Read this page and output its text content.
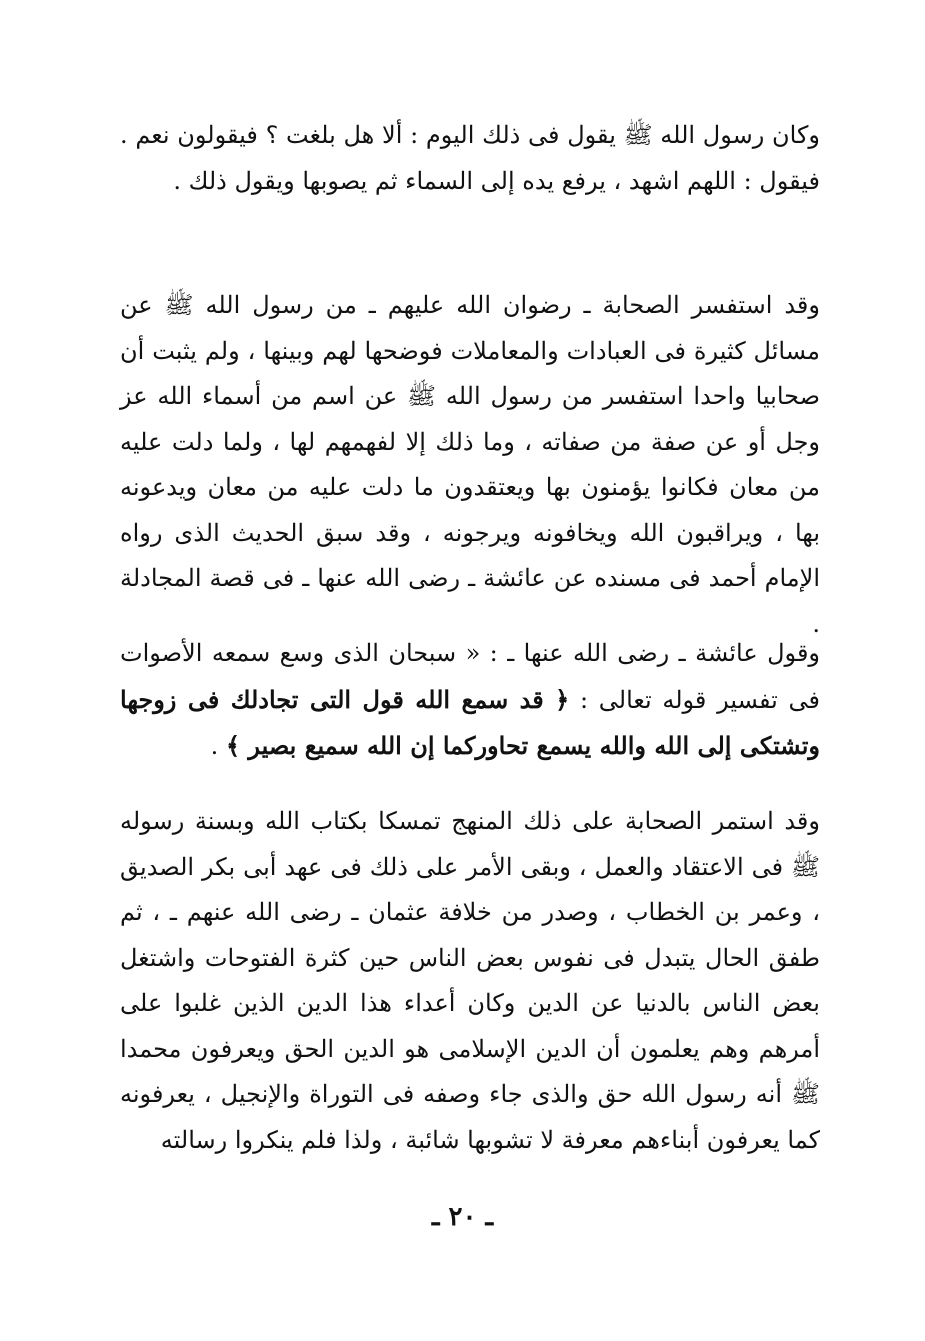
وكان رسول الله ﷺ يقول فى ذلك اليوم : ألا هل بلغت ؟ فيقولون نعم . فيقول : اللهم اشهد ، يرفع يده إلى السماء ثم يصوبها ويقول ذلك .

وقد استفسر الصحابة ـ رضوان الله عليهم ـ من رسول الله ﷺ عن مسائل كثيرة فى العبادات والمعاملات فوضحها لهم وبينها ، ولم يثبت أن صحابيا واحدا استفسر من رسول الله ﷺ عن اسم من أسماء الله عز وجل أو عن صفة من صفاته ، وما ذلك إلا لفهمهم لها ، ولما دلت عليه من معان فكانوا يؤمنون بها ويعتقدون ما دلت عليه من معان ويدعونه بها ، ويراقبون الله ويخافونه ويرجونه ، وقد سبق الحديث الذى رواه الإمام أحمد فى مسنده عن عائشة ـ رضى الله عنها ـ فى قصة المجادلة .

وقول عائشة ـ رضى الله عنها ـ : « سبحان الذى وسع سمعه الأصوات فى تفسير قوله تعالى : ﴿ قد سمع الله قول التى تجادلك فى زوجها وتشتكى إلى الله والله يسمع تحاوركما إن الله سميع بصير ﴾ .

وقد استمر الصحابة على ذلك المنهج تمسكا بكتاب الله وبسنة رسوله ﷺ فى الاعتقاد والعمل ، وبقى الأمر على ذلك فى عهد أبى بكر الصديق ، وعمر بن الخطاب ، وصدر من خلافة عثمان ـ رضى الله عنهم ـ ، ثم طفق الحال يتبدل فى نفوس بعض الناس حين كثرة الفتوحات واشتغل بعض الناس بالدنيا عن الدين وكان أعداء هذا الدين الذين غلبوا على أمرهم وهم يعلمون أن الدين الإسلامى هو الدين الحق ويعرفون محمدا ﷺ أنه رسول الله حق والذى جاء وصفه فى التوراة والإنجيل ، يعرفونه كما يعرفون أبناءهم معرفة لا تشوبها شائبة ، ولذا فلم ينكروا رسالته

ـ ٢٠ ـ
